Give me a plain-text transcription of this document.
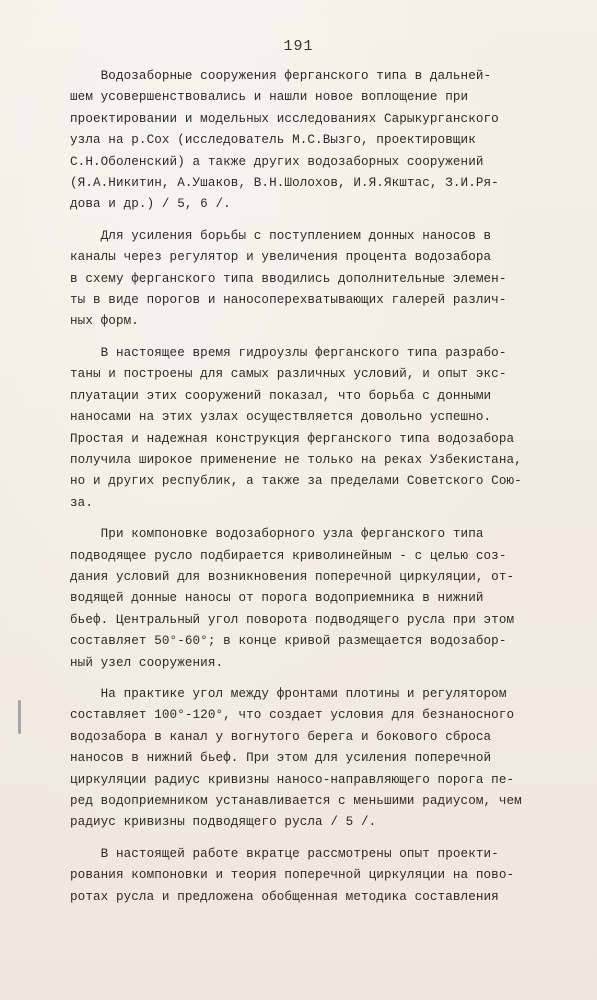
191
Водозаборные сооружения ферганского типа в дальней-
шем усовершенствовались и нашли новое воплощение при
проектировании и модельных исследованиях Сарыкурганского
узла на р.Сох (исследователь М.С.Вызго, проектировщик
С.Н.Оболенский) а также других водозаборных сооружений
(Я.А.Никитин, А.Ушаков, В.Н.Шолохов, И.Я.Якштас, З.И.Ря-
дова и др.) / 5, 6 /.
Для усиления борьбы с поступлением донных наносов в
каналы через регулятор и увеличения процента водозабора
в схему ферганского типа вводились дополнительные элемен-
ты в виде порогов и наносоперехватывающих галерей различ-
ных форм.
В настоящее время гидроузлы ферганского типа разрабо-
таны и построены для самых различных условий, и опыт экс-
плуатации этих сооружений показал, что борьба с донными
наносами на этих узлах осуществляется довольно успешно.
Простая и надежная конструкция ферганского типа водозабора
получила широкое применение не только на реках Узбекистана,
но и других республик, а также за пределами Советского Сою-
за.
При компоновке водозаборного узла ферганского типа
подводящее русло подбирается криволинейным - с целью соз-
дания условий для возникновения поперечной циркуляции, от-
водящей донные наносы от порога водоприемника в нижний
бьеф. Центральный угол поворота подводящего русла при этом
составляет 50°-60°; в конце кривой размещается водозабор-
ный узел сооружения.
На практике угол между фронтами плотины и регулятором
составляет 100°-120°, что создает условия для безнаносного
водозабора в канал у вогнутого берега и бокового сброса
наносов в нижний бьеф. При этом для усиления поперечной
циркуляции радиус кривизны наносо-направляющего порога пе-
ред водоприемником устанавливается с меньшими радиусом, чем
радиус кривизны подводящего русла / 5 /.
В настоящей работе вкратце рассмотрены опыт проекти-
рования компоновки и теория поперечной циркуляции на пово-
ротах русла и предложена обобщенная методика составления
